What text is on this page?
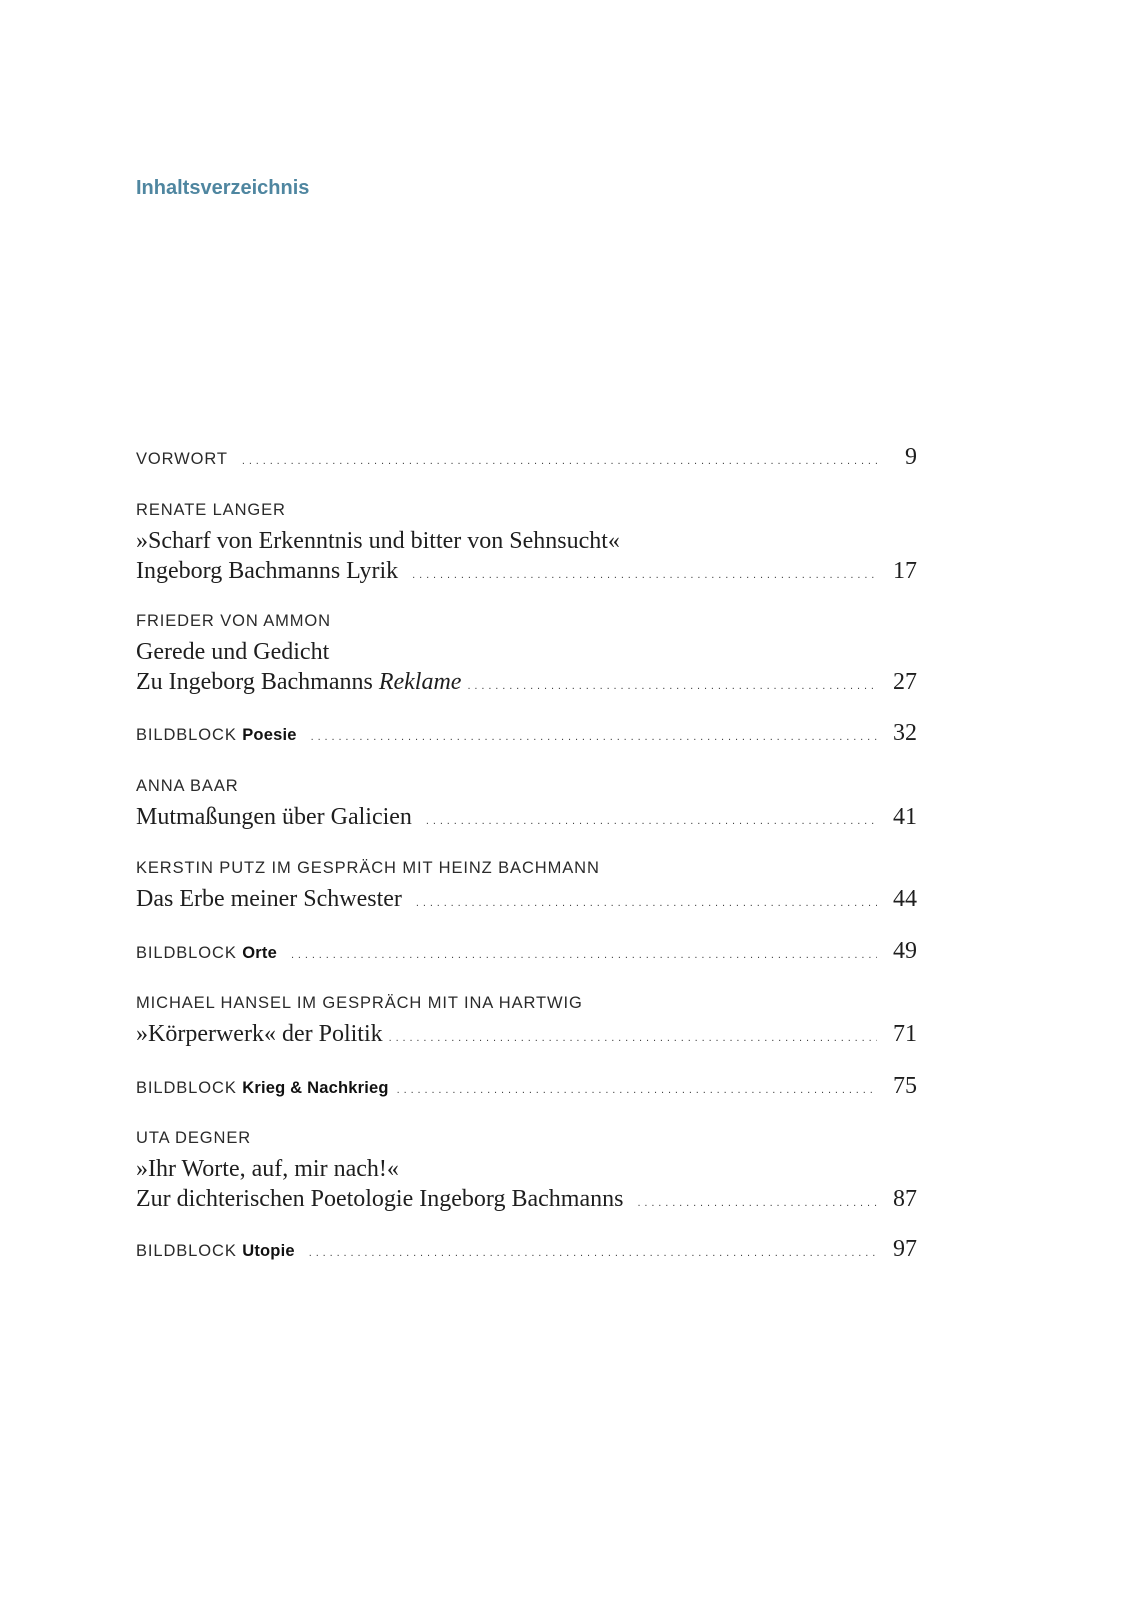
Inhaltsverzeichnis
VORWORT .....	9
RENATE LANGER
»Scharf von Erkenntnis und bitter von Sehnsucht«
Ingeborg Bachmanns Lyrik .....	17
FRIEDER VON AMMON
Gerede und Gedicht
Zu Ingeborg Bachmanns Reklame .....	27
BILDBLOCK Poesie .....	32
ANNA BAAR
Mutmaßungen über Galicien .....	41
KERSTIN PUTZ IM GESPRÄCH MIT HEINZ BACHMANN
Das Erbe meiner Schwester .....	44
BILDBLOCK Orte .....	49
MICHAEL HANSEL IM GESPRÄCH MIT INA HARTWIG
»Körperwerk« der Politik .....	71
BILDBLOCK Krieg & Nachkrieg .....	75
UTA DEGNER
»Ihr Worte, auf, mir nach!«
Zur dichterischen Poetologie Ingeborg Bachmanns .....	87
BILDBLOCK Utopie .....	97
